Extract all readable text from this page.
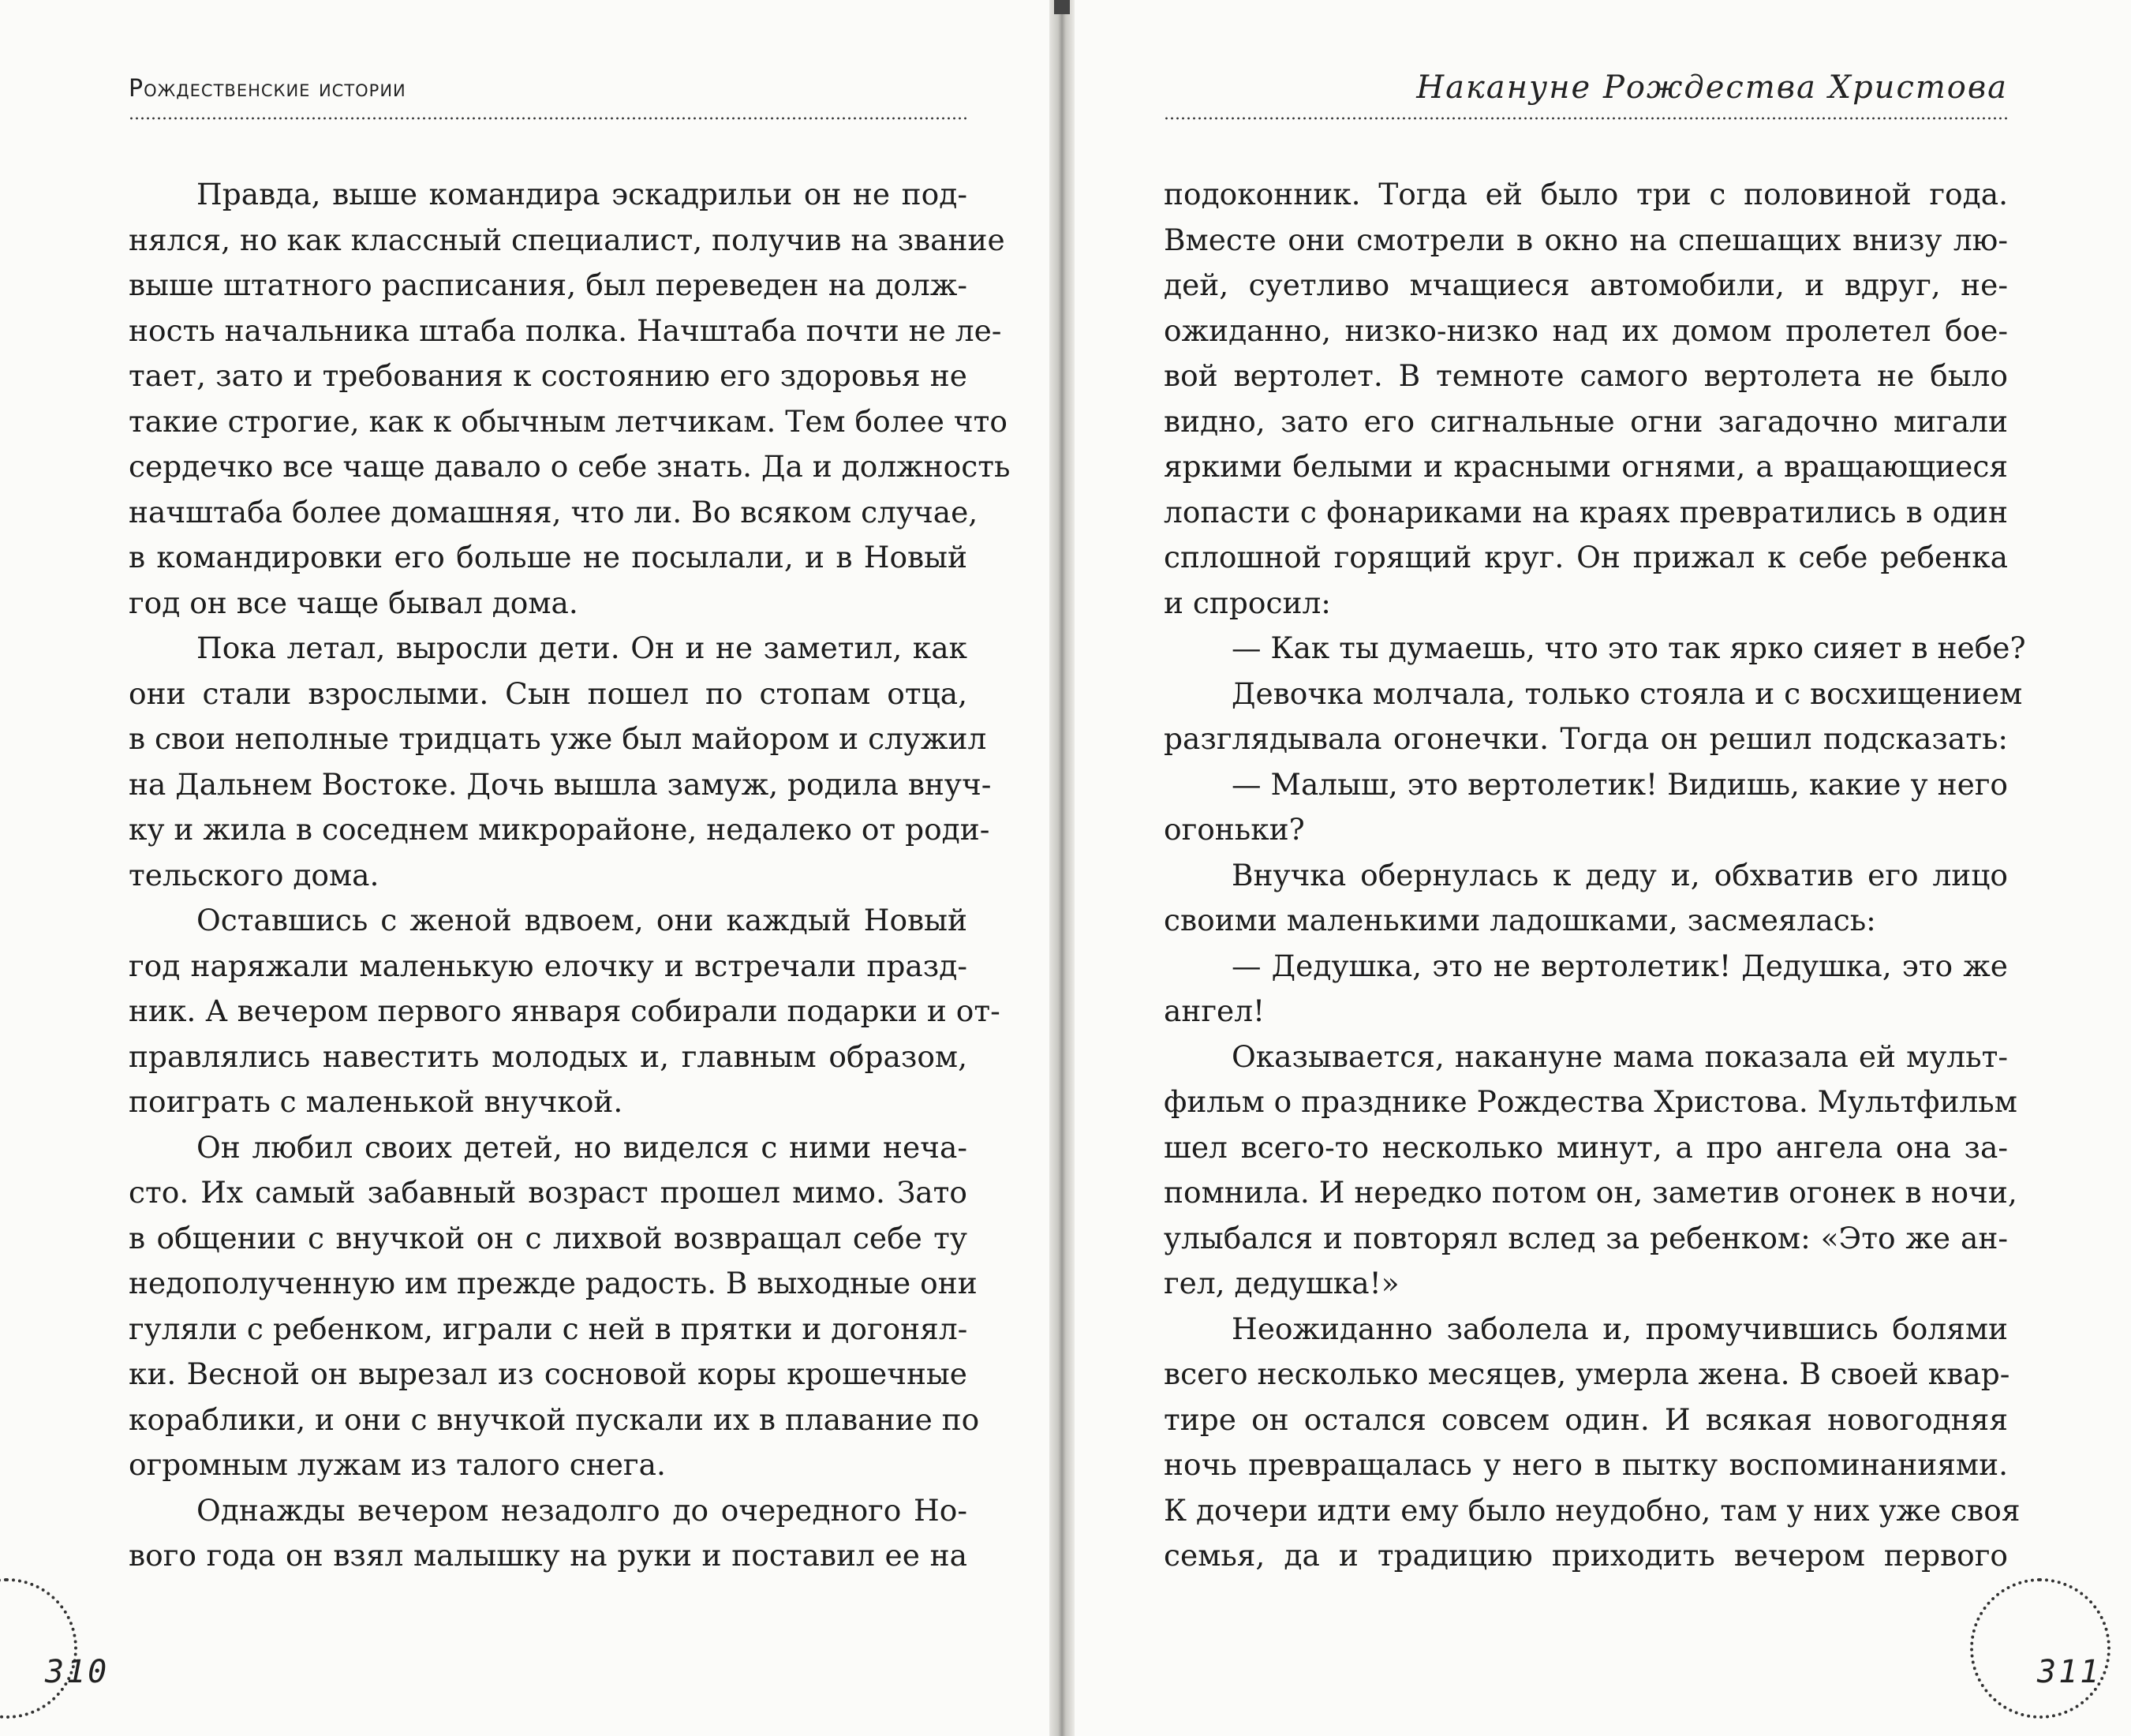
Рождественские истории
Правда, выше командира эскадрильи он не под-
нялся, но как классный специалист, получив на звание
выше штатного расписания, был переведен на долж-
ность начальника штаба полка. Начштаба почти не ле-
тает, зато и требования к состоянию его здоровья не
такие строгие, как к обычным летчикам. Тем более что
сердечко все чаще давало о себе знать. Да и должность
начштаба более домашняя, что ли. Во всяком случае,
в командировки его больше не посылали, и в Новый
год он все чаще бывал дома.
Пока летал, выросли дети. Он и не заметил, как
они стали взрослыми. Сын пошел по стопам отца,
в свои неполные тридцать уже был майором и служил
на Дальнем Востоке. Дочь вышла замуж, родила внуч-
ку и жила в соседнем микрорайоне, недалеко от роди-
тельского дома.
Оставшись с женой вдвоем, они каждый Новый
год наряжали маленькую елочку и встречали празд-
ник. А вечером первого января собирали подарки и от-
правлялись навестить молодых и, главным образом,
поиграть с маленькой внучкой.
Он любил своих детей, но виделся с ними неча-
сто. Их самый забавный возраст прошел мимо. Зато
в общении с внучкой он с лихвой возвращал себе ту
недополученную им прежде радость. В выходные они
гуляли с ребенком, играли с ней в прятки и догонял-
ки. Весной он вырезал из сосновой коры крошечные
кораблики, и они с внучкой пускали их в плавание по
огромным лужам из талого снега.
Однажды вечером незадолго до очередного Но-
вого года он взял малышку на руки и поставил ее на
310
Накануне Рождества Христова
подоконник. Тогда ей было три с половиной года.
Вместе они смотрели в окно на спешащих внизу лю-
дей, суетливо мчащиеся автомобили, и вдруг, не-
ожиданно, низко-низко над их домом пролетел бое-
вой вертолет. В темноте самого вертолета не было
видно, зато его сигнальные огни загадочно мигали
яркими белыми и красными огнями, а вращающиеся
лопасти с фонариками на краях превратились в один
сплошной горящий круг. Он прижал к себе ребенка
и спросил:
— Как ты думаешь, что это так ярко сияет в небе?
Девочка молчала, только стояла и с восхищением
разглядывала огонечки. Тогда он решил подсказать:
— Малыш, это вертолетик! Видишь, какие у него
огоньки?
Внучка обернулась к деду и, обхватив его лицо
своими маленькими ладошками, засмеялась:
— Дедушка, это не вертолетик! Дедушка, это же
ангел!
Оказывается, накануне мама показала ей мульт-
фильм о празднике Рождества Христова. Мультфильм
шел всего-то несколько минут, а про ангела она за-
помнила. И нередко потом он, заметив огонек в ночи,
улыбался и повторял вслед за ребенком: «Это же ан-
гел, дедушка!»
Неожиданно заболела и, промучившись болями
всего несколько месяцев, умерла жена. В своей квар-
тире он остался совсем один. И всякая новогодняя
ночь превращалась у него в пытку воспоминаниями.
К дочери идти ему было неудобно, там у них уже своя
семья, да и традицию приходить вечером первого
311
